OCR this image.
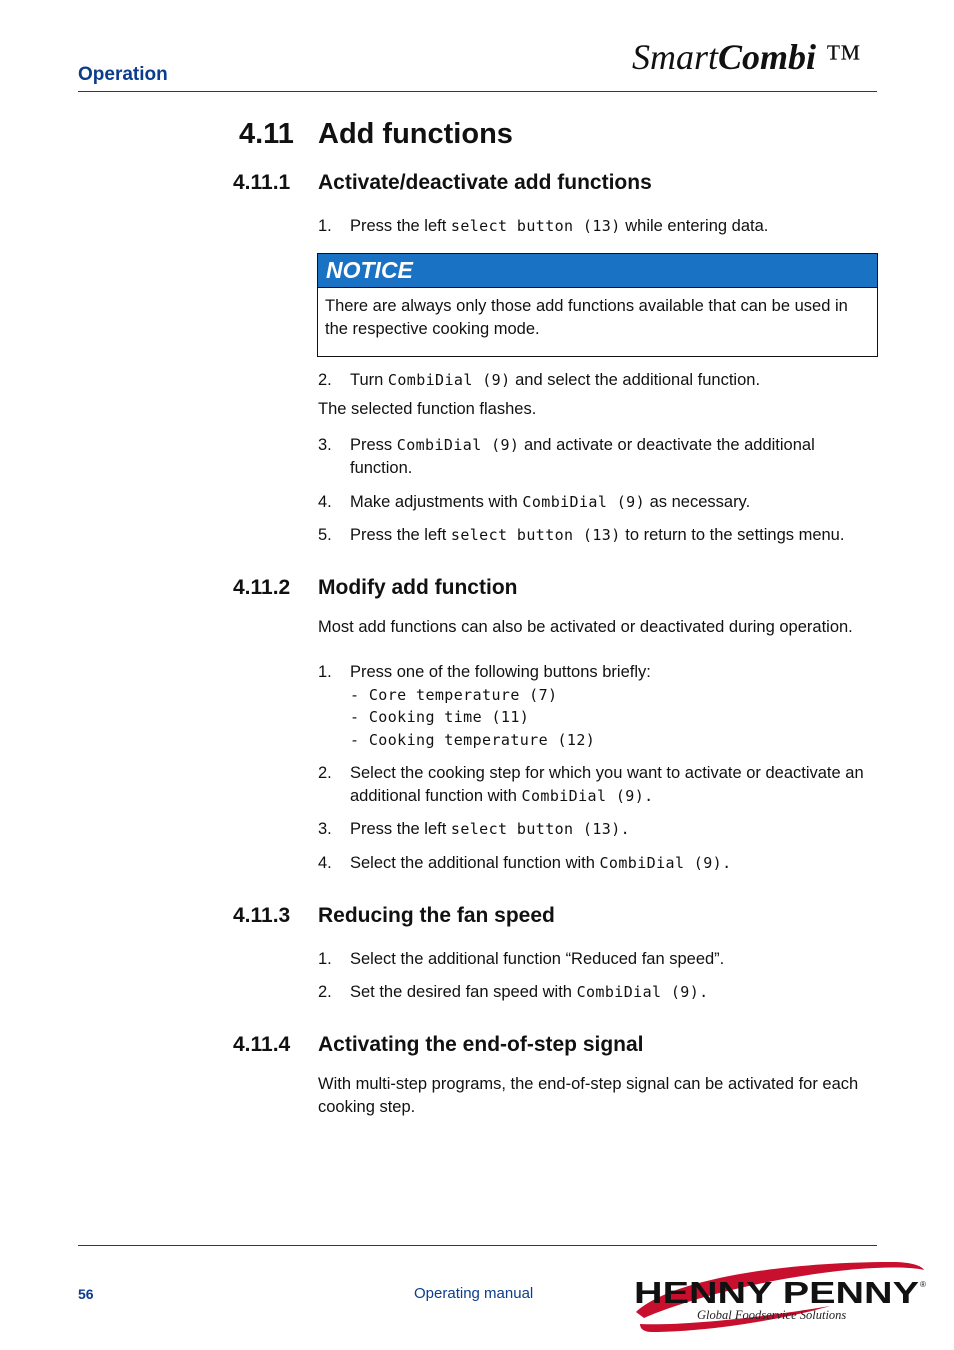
Operation	SmartCombi ™
4.11 Add functions
4.11.1 Activate/deactivate add functions
1. Press the left select button (13) while entering data.
NOTICE
There are always only those add functions available that can be used in the respective cooking mode.
2. Turn CombiDial (9) and select the additional function.
The selected function flashes.
3. Press CombiDial (9) and activate or deactivate the additional function.
4. Make adjustments with CombiDial (9) as necessary.
5. Press the left select button (13) to return to the settings menu.
4.11.2 Modify add function
Most add functions can also be activated or deactivated during operation.
1. Press one of the following buttons briefly:
- Core temperature (7)
- Cooking time (11)
- Cooking temperature (12)
2. Select the cooking step for which you want to activate or deactivate an additional function with CombiDial (9).
3. Press the left select button (13).
4. Select the additional function with CombiDial (9).
4.11.3 Reducing the fan speed
1. Select the additional function “Reduced fan speed”.
2. Set the desired fan speed with CombiDial (9).
4.11.4 Activating the end-of-step signal
With multi-step programs, the end-of-step signal can be activated for each cooking step.
56	Operating manual	HENNY PENNY ®
Global Foodservice Solutions
